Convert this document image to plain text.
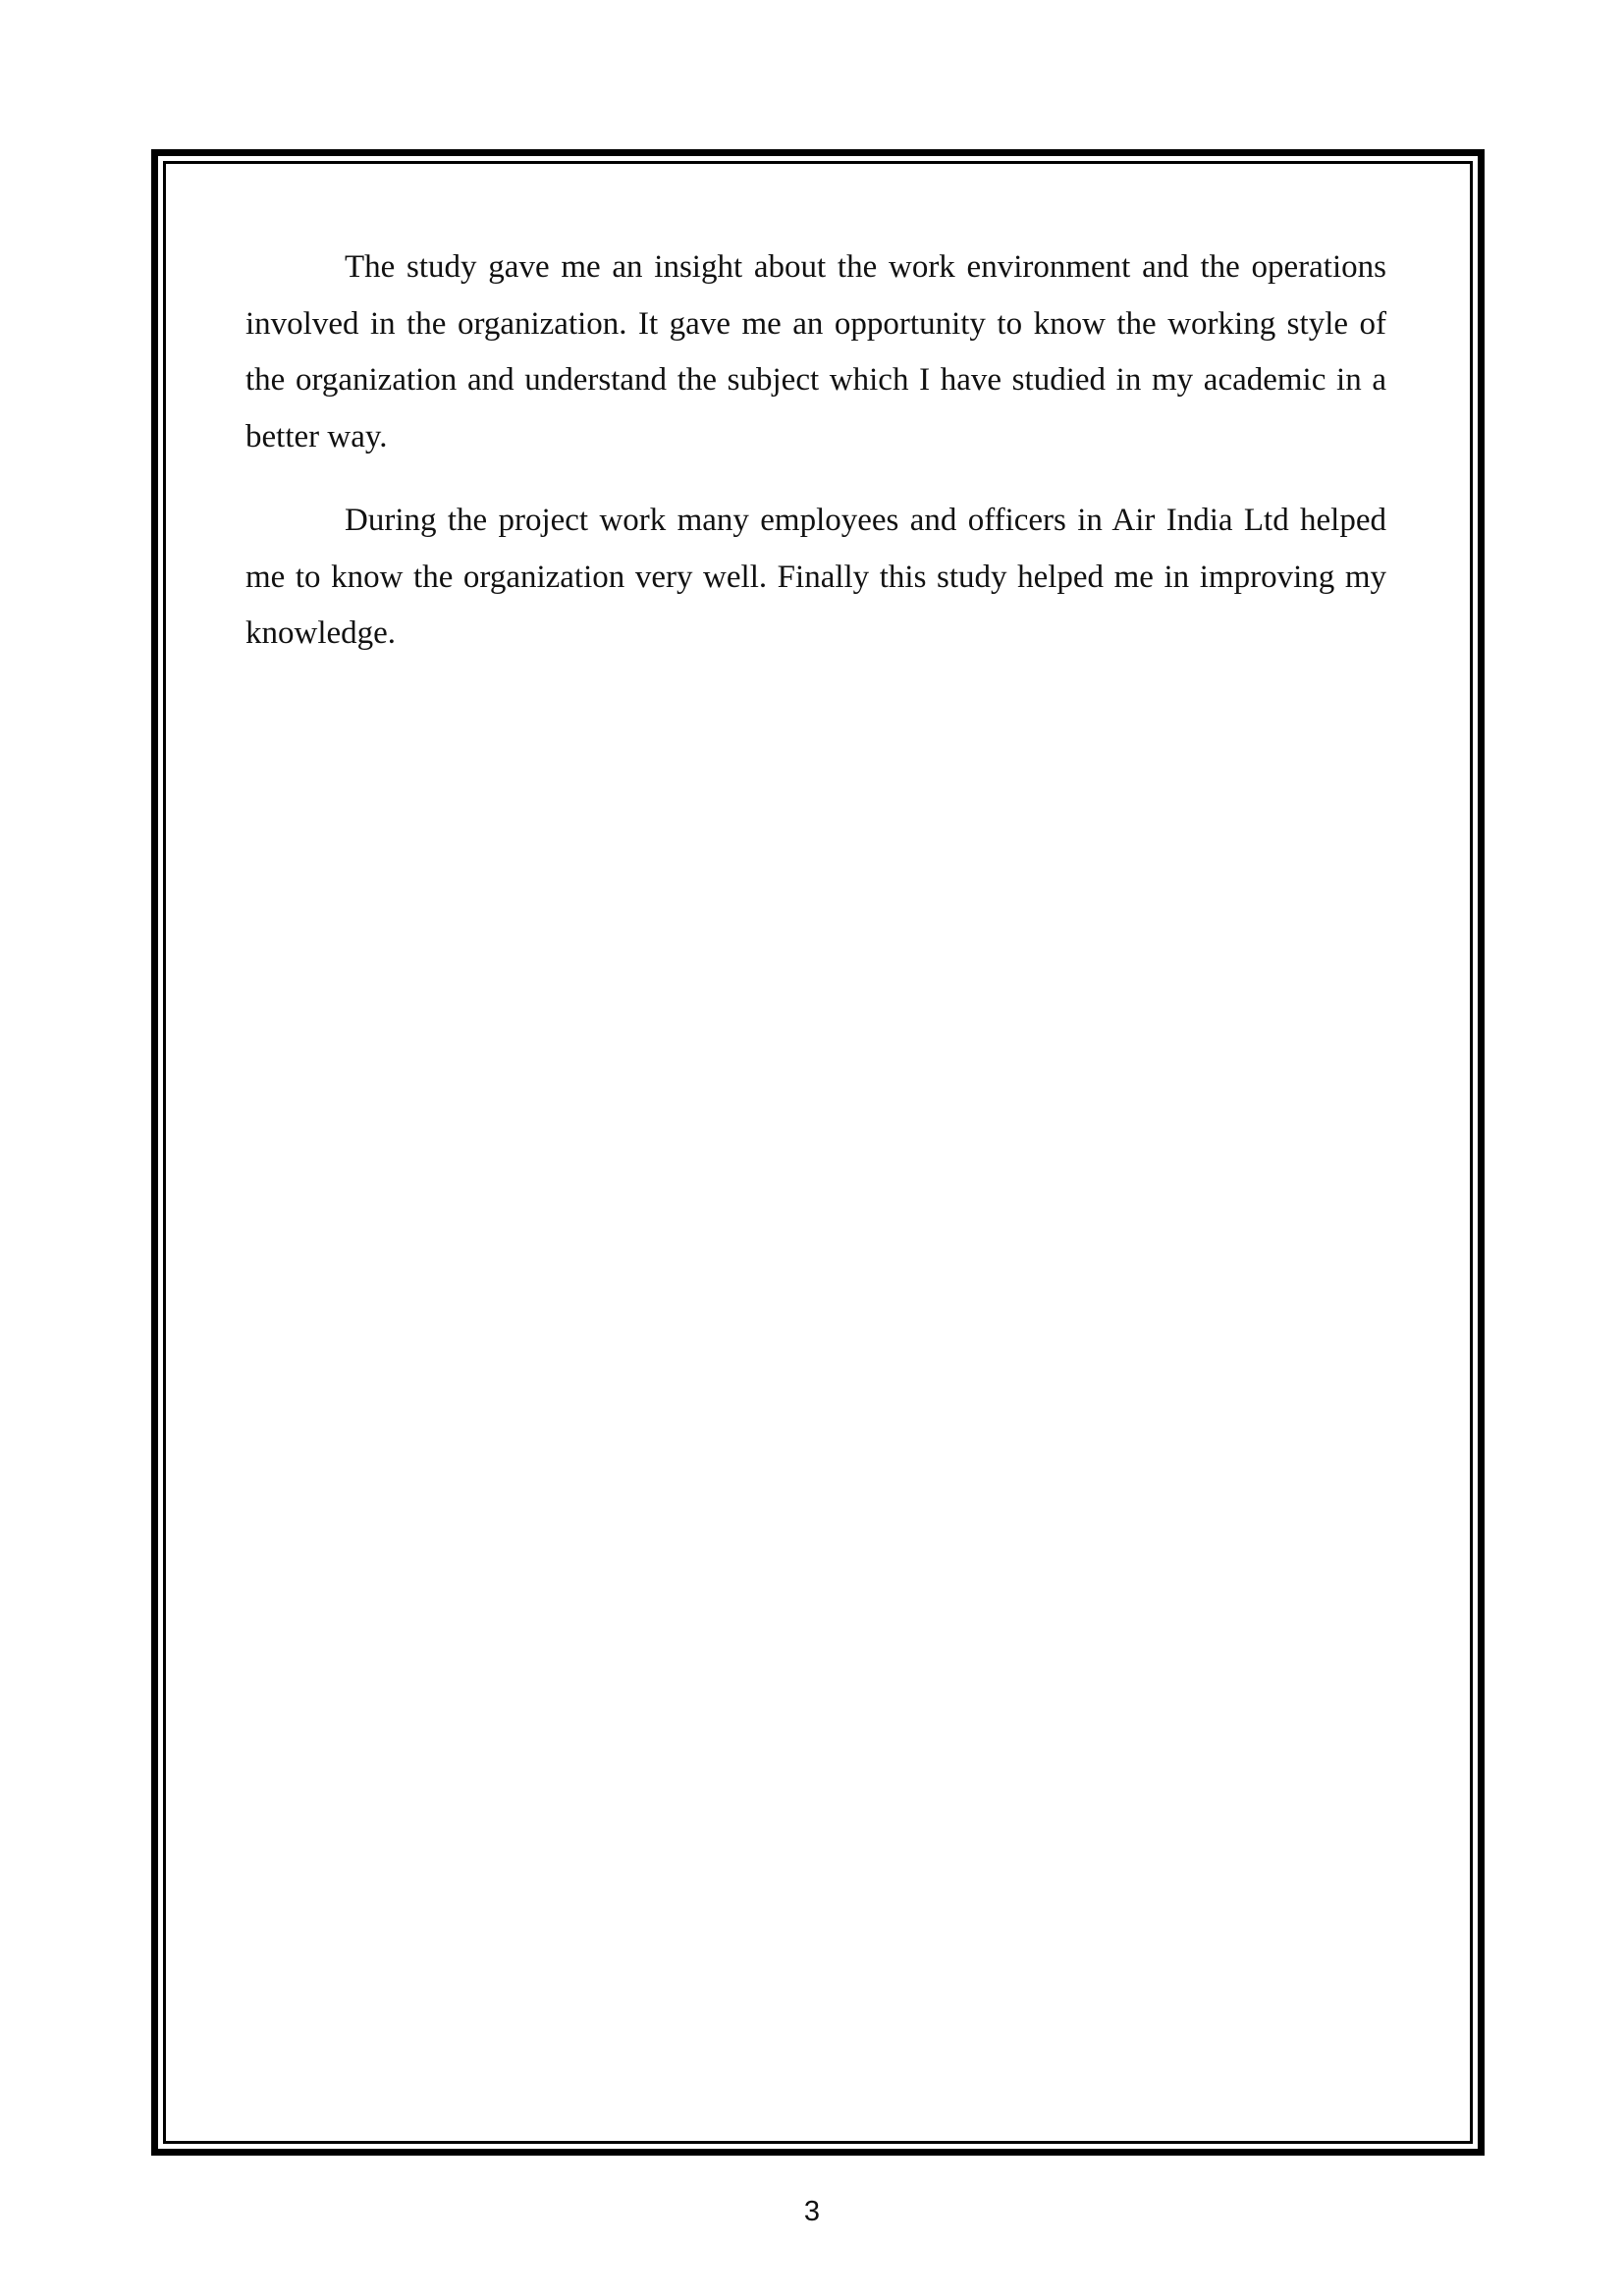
The study gave me an insight about the work environment and the operations involved in the organization. It gave me an opportunity to know the working style of the organization and understand the subject which I have studied in my academic in a better way.

During the project work many employees and officers in Air India Ltd helped me to know the organization very well. Finally this study helped me in improving my knowledge.

3
